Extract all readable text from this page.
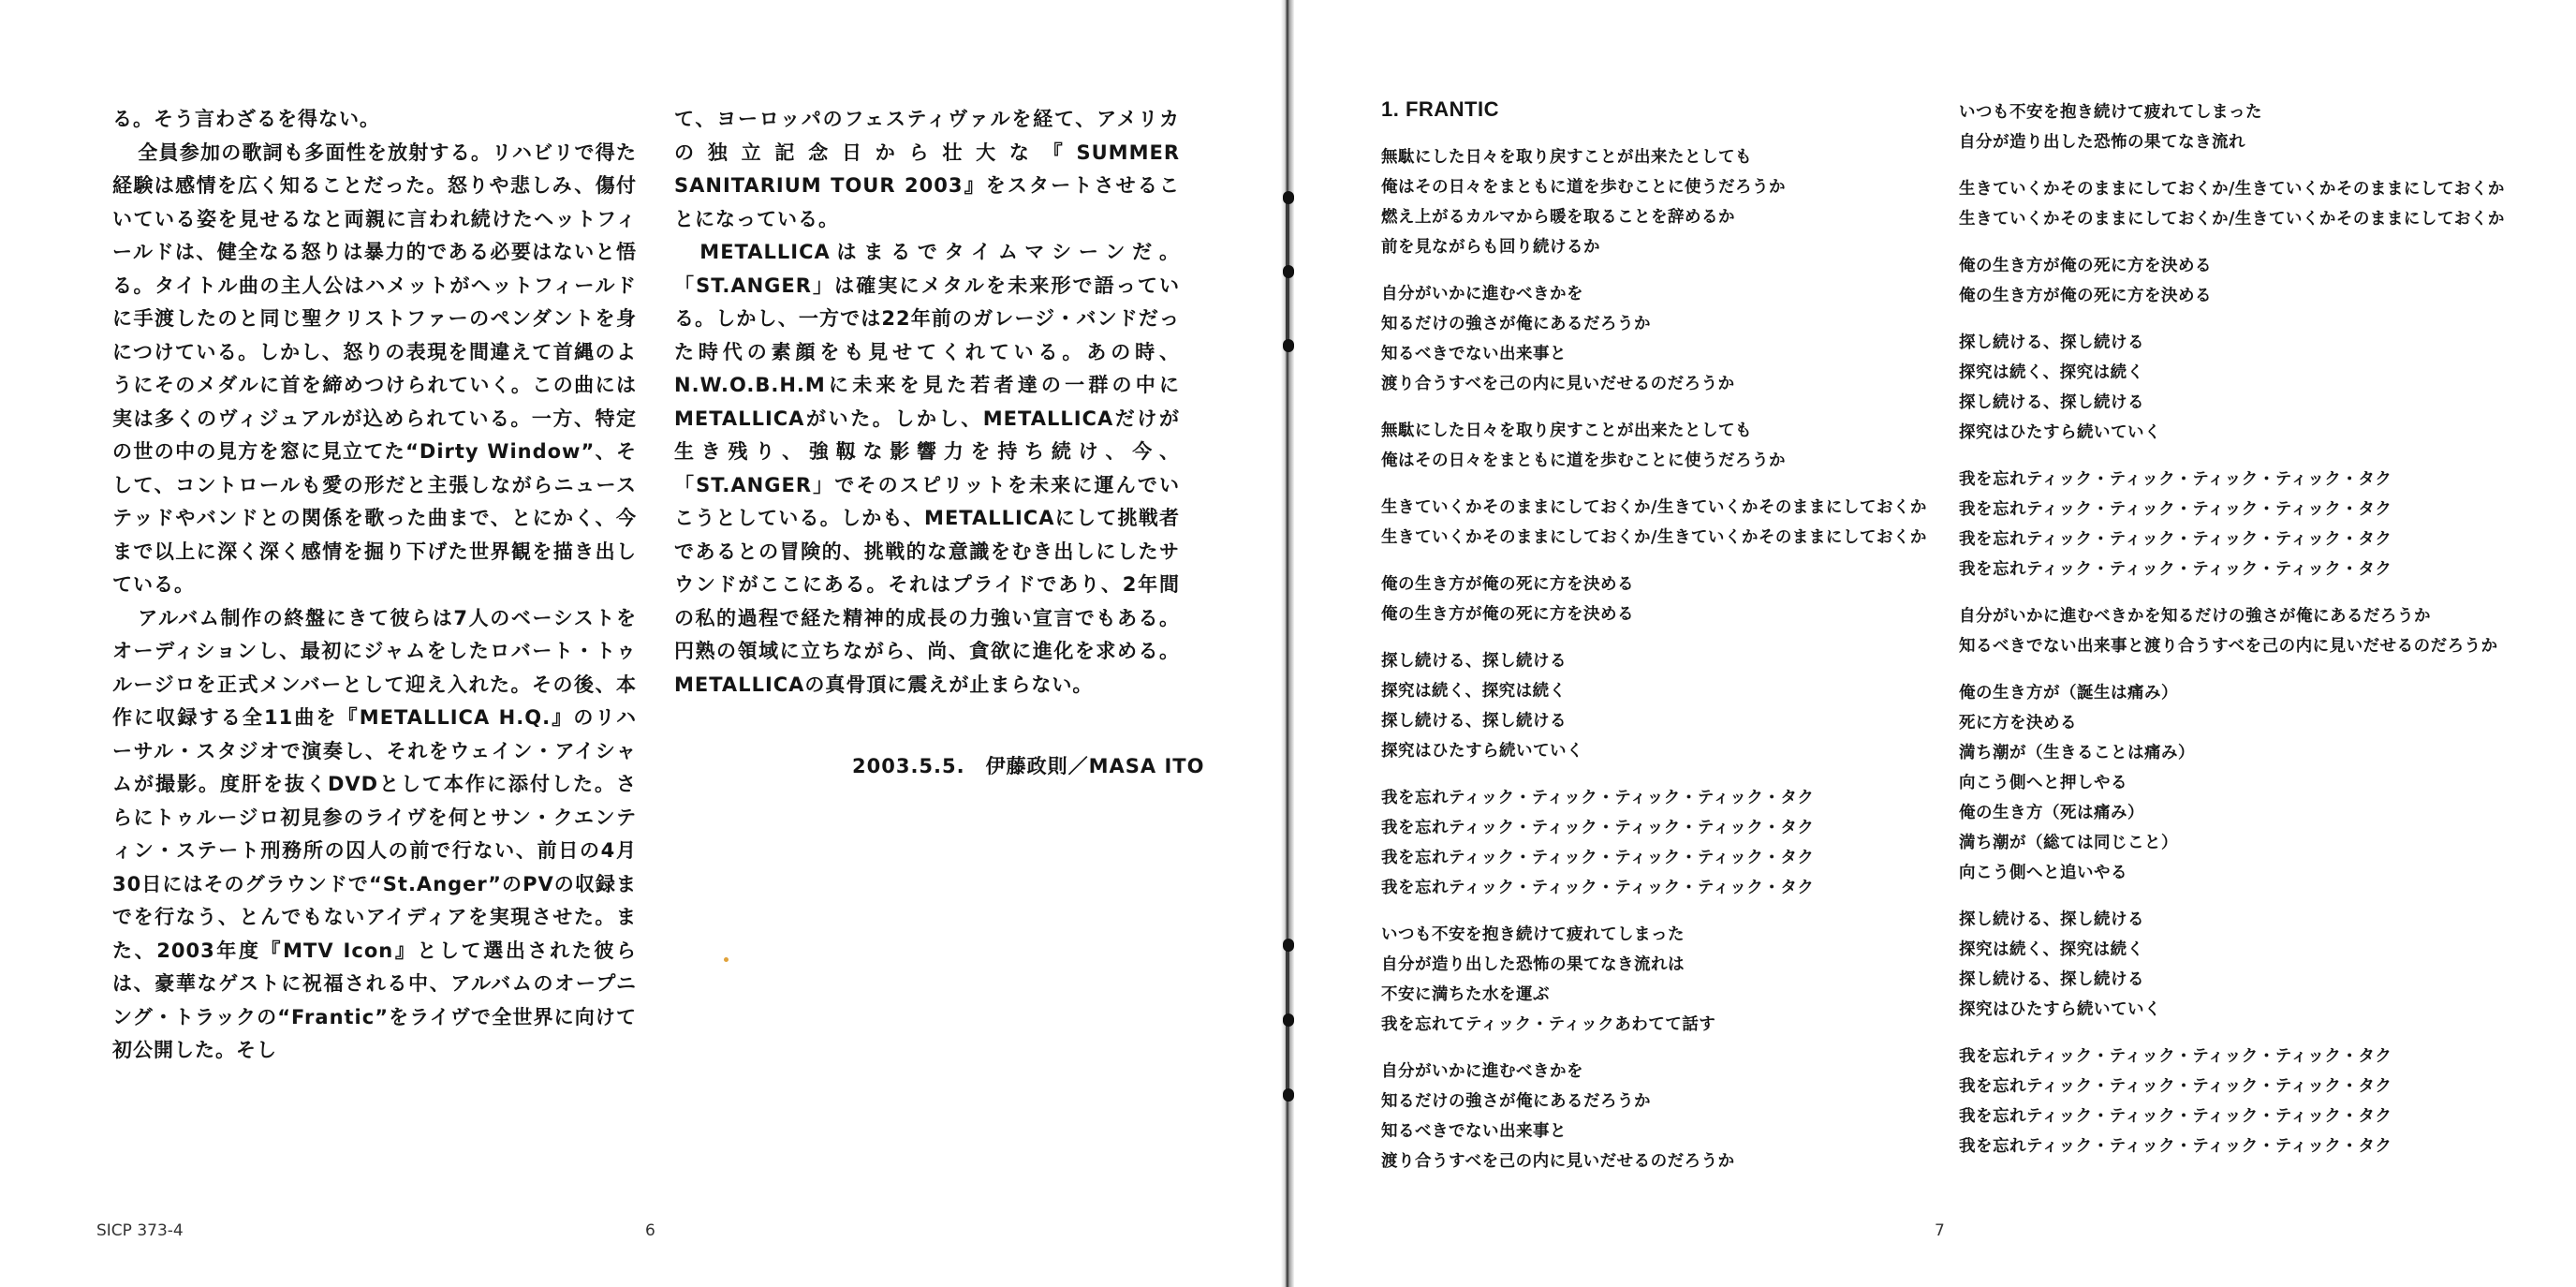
る。そう言わざるを得ない。

全員参加の歌詞も多面性を放射する。リハビリで得た経験は感情を広く知ることだった。怒りや悲しみ、傷付いている姿を見せるなと両親に言われ続けたヘットフィールドは、健全なる怒りは暴力的である必要はないと悟る。タイトル曲の主人公はハメットがヘットフィールドに手渡したのと同じ聖クリストファーのペンダントを身につけている。しかし、怒りの表現を間違えて首縄のようにそのメダルに首を締めつけられていく。この曲には実は多くのヴィジュアルが込められている。一方、特定の世の中の見方を窓に見立てた“Dirty Window”、そして、コントロールも愛の形だと主張しながらニューステッドやバンドとの関係を歌った曲まで、とにかく、今まで以上に深く深く感情を掘り下げた世界観を描き出している。

アルバム制作の終盤にきて彼らは7人のベーシストをオーディションし、最初にジャムをしたロバート・トゥルージロを正式メンバーとして迎え入れた。その後、本作に収録する全11曲を『METALLICA H.Q.』のリハーサル・スタジオで演奏し、それをウェイン・アイシャムが撮影。度肝を抜くDVDとして本作に添付した。さらにトゥルージロ初見参のライヴを何とサン・クエンティン・ステート刑務所の囚人の前で行ない、前日の4月30日にはそのグラウンドで“St.Anger”のPVの収録までを行なう、とんでもないアイディアを実現させた。また、2003年度『MTV Icon』として選出された彼らは、豪華なゲストに祝福される中、アルバムのオープニング・トラックの“Frantic”をライヴで全世界に向けて初公開した。そし

て、ヨーロッパのフェスティヴァルを経て、アメリカの独立記念日から壮大な『SUMMER SANITARIUM TOUR 2003』をスタートさせることになっている。

METALLICAはまるでタイムマシーンだ。「ST.ANGER」は確実にメタルを未来形で語っている。しかし、一方では22年前のガレージ・バンドだった時代の素顔をも見せてくれている。あの時、N.W.O.B.H.Mに未来を見た若者達の一群の中にMETALLICAがいた。しかし、METALLICAだけが生き残り、強靱な影響力を持ち続け、今、「ST.ANGER」でそのスピリットを未来に運んでいこうとしている。しかも、METALLICAにして挑戦者であるとの冒険的、挑戦的な意識をむき出しにしたサウンドがここにある。それはプライドであり、2年間の私的過程で経た精神的成長の力強い宣言でもある。円熟の領域に立ちながら、尚、貪欲に進化を求める。METALLICAの真骨頂に震えが止まらない。

2003.5.5.　伊藤政則／MASA ITO
SICP 373-4	6
1. FRANTIC
無駄にした日々を取り戻すことが出来たとしても
俺はその日々をまともに道を歩むことに使うだろうか
燃え上がるカルマから暖を取ることを辞めるか
前を見ながらも回り続けるか
自分がいかに進むべきかを
知るだけの強さが俺にあるだろうか
知るべきでない出来事と
渡り合うすべを己の内に見いだせるのだろうか
無駄にした日々を取り戻すことが出来たとしても
俺はその日々をまともに道を歩むことに使うだろうか
生きていくかそのままにしておくか/生きていくかそのままにしておくか
生きていくかそのままにしておくか/生きていくかそのままにしておくか
俺の生き方が俺の死に方を決める
俺の生き方が俺の死に方を決める
探し続ける、探し続ける
探究は続く、探究は続く
探し続ける、探し続ける
探究はひたすら続いていく
我を忘れティック・ティック・ティック・ティック・タク
我を忘れティック・ティック・ティック・ティック・タク
我を忘れティック・ティック・ティック・ティック・タク
我を忘れティック・ティック・ティック・ティック・タク
いつも不安を抱き続けて疲れてしまった
自分が造り出した恐怖の果てなき流れは
不安に満ちた水を運ぶ
我を忘れてティック・ティックあわてて話す
自分がいかに進むべきかを
知るだけの強さが俺にあるだろうか
知るべきでない出来事と
渡り合うすべを己の内に見いだせるのだろうか
いつも不安を抱き続けて疲れてしまった
自分が造り出した恐怖の果てなき流れ
生きていくかそのままにしておくか/生きていくかそのままにしておくか
生きていくかそのままにしておくか/生きていくかそのままにしておくか
俺の生き方が俺の死に方を決める
俺の生き方が俺の死に方を決める
探し続ける、探し続ける
探究は続く、探究は続く
探し続ける、探し続ける
探究はひたすら続いていく
我を忘れティック・ティック・ティック・ティック・タク
我を忘れティック・ティック・ティック・ティック・タク
我を忘れティック・ティック・ティック・ティック・タク
我を忘れティック・ティック・ティック・ティック・タク
自分がいかに進むべきかを知るだけの強さが俺にあるだろうか
知るべきでない出来事と渡り合うすべを己の内に見いだせるのだろうか
俺の生き方が（誕生は痛み）
死に方を決める
満ち潮が（生きることは痛み）
向こう側へと押しやる
俺の生き方（死は痛み）
満ち潮が（総ては同じこと）
向こう側へと追いやる
探し続ける、探し続ける
探究は続く、探究は続く
探し続ける、探し続ける
探究はひたすら続いていく
我を忘れティック・ティック・ティック・ティック・タク
我を忘れティック・ティック・ティック・ティック・タク
我を忘れティック・ティック・ティック・ティック・タク
我を忘れティック・ティック・ティック・ティック・タク
7
